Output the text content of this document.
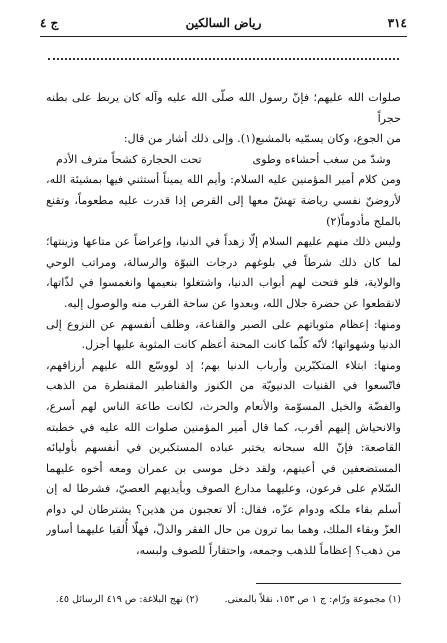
ج ٤	رياض السالكين	٣١٤

صلوات الله عليهم؛ فإنّ رسول الله صلّى الله عليه وآله كان يربط على بطنه حجراً

من الجوع، وكان يسمّيه بالمشبع(١). وإلى ذلك أشار من قال:

وشدّ من سغب أحشاءه وطوى
تحت الحجارة كشحاً مترف الأدم

ومن كلام أمير المؤمنين عليه السلام: وأيم الله يميناً أستثني فيها بمشيئة الله، لأروضنّ نفسي رياضة تهشّ معها إلى القرص إذا قدرت عليه مطعوماً، وتقنع بالملح مأدوماً(٢)

وليس ذلك منهم عليهم السلام إلّا زهداً في الدنيا، وإعراضاً عن متاعها وزينتها؛ لما كان ذلك شرطاً في بلوغهم درجات النبوّة والرسالة، ومراتب الوحي والولاية، فلو فتحت لهم أبواب الدنيا، واشتغلوا بنعيمها وانغمسوا في لذّاتها، لانقطعوا عن حضرة جلال الله، وبعدوا عن ساحة القرب منه والوصول إليه.

ومنها: إعظام مثوباتهم على الصبر والقناعة، وظلف أنفسهم عن النزوع إلى الدنيا وشهواتها؛ لأنّه كلّما كانت المحنة أعظم كانت المثوبة عليها أجزل.

ومنها: ابتلاء المتكبّرين وأرباب الدنيا بهم؛ إذ لووسّع الله عليهم أرزاقهم، فاتّسعوا في القنيات الدنيويّة من الكنوز والقناطير المقنطرة من الذهب والفضّة والخيل المسوّمة والأنعام والحرث، لكانت طاعة الناس لهم أسرع، والانحياش إليهم أقرب، كما قال أمير المؤمنين صلوات الله عليه في خطبته القاصعة: فإنّ الله سبحانه يختبر عباده المستكبرين في أنفسهم بأوليائه المستضعفين في أعينهم، ولقد دخل موسى بن عمران ومعه أخوه عليهما السّلام على فرعون، وعليهما مدارع الصوف وبأيديهم العصيّ، فشرطا له إن أسلم بقاء ملكه ودوام عزّه، فقال: ألا تعجبون من هذين؟ يشترطان لي دوام العزّ وبقاء الملك، وهما بما ترون من حال الفقر والذلّ، فهلّا أُلقيا عليهما أساور من ذهب؟ إعظاماً للذهب وجمعه، واحتقاراً للصوف ولبسه،

(١) مجموعة ورّام: ج ١ ص ١٥٣، نقلاً بالمعنى.
(٢) نهج البلاغة: ص ٤١٩ الرسائل ٤٥.
